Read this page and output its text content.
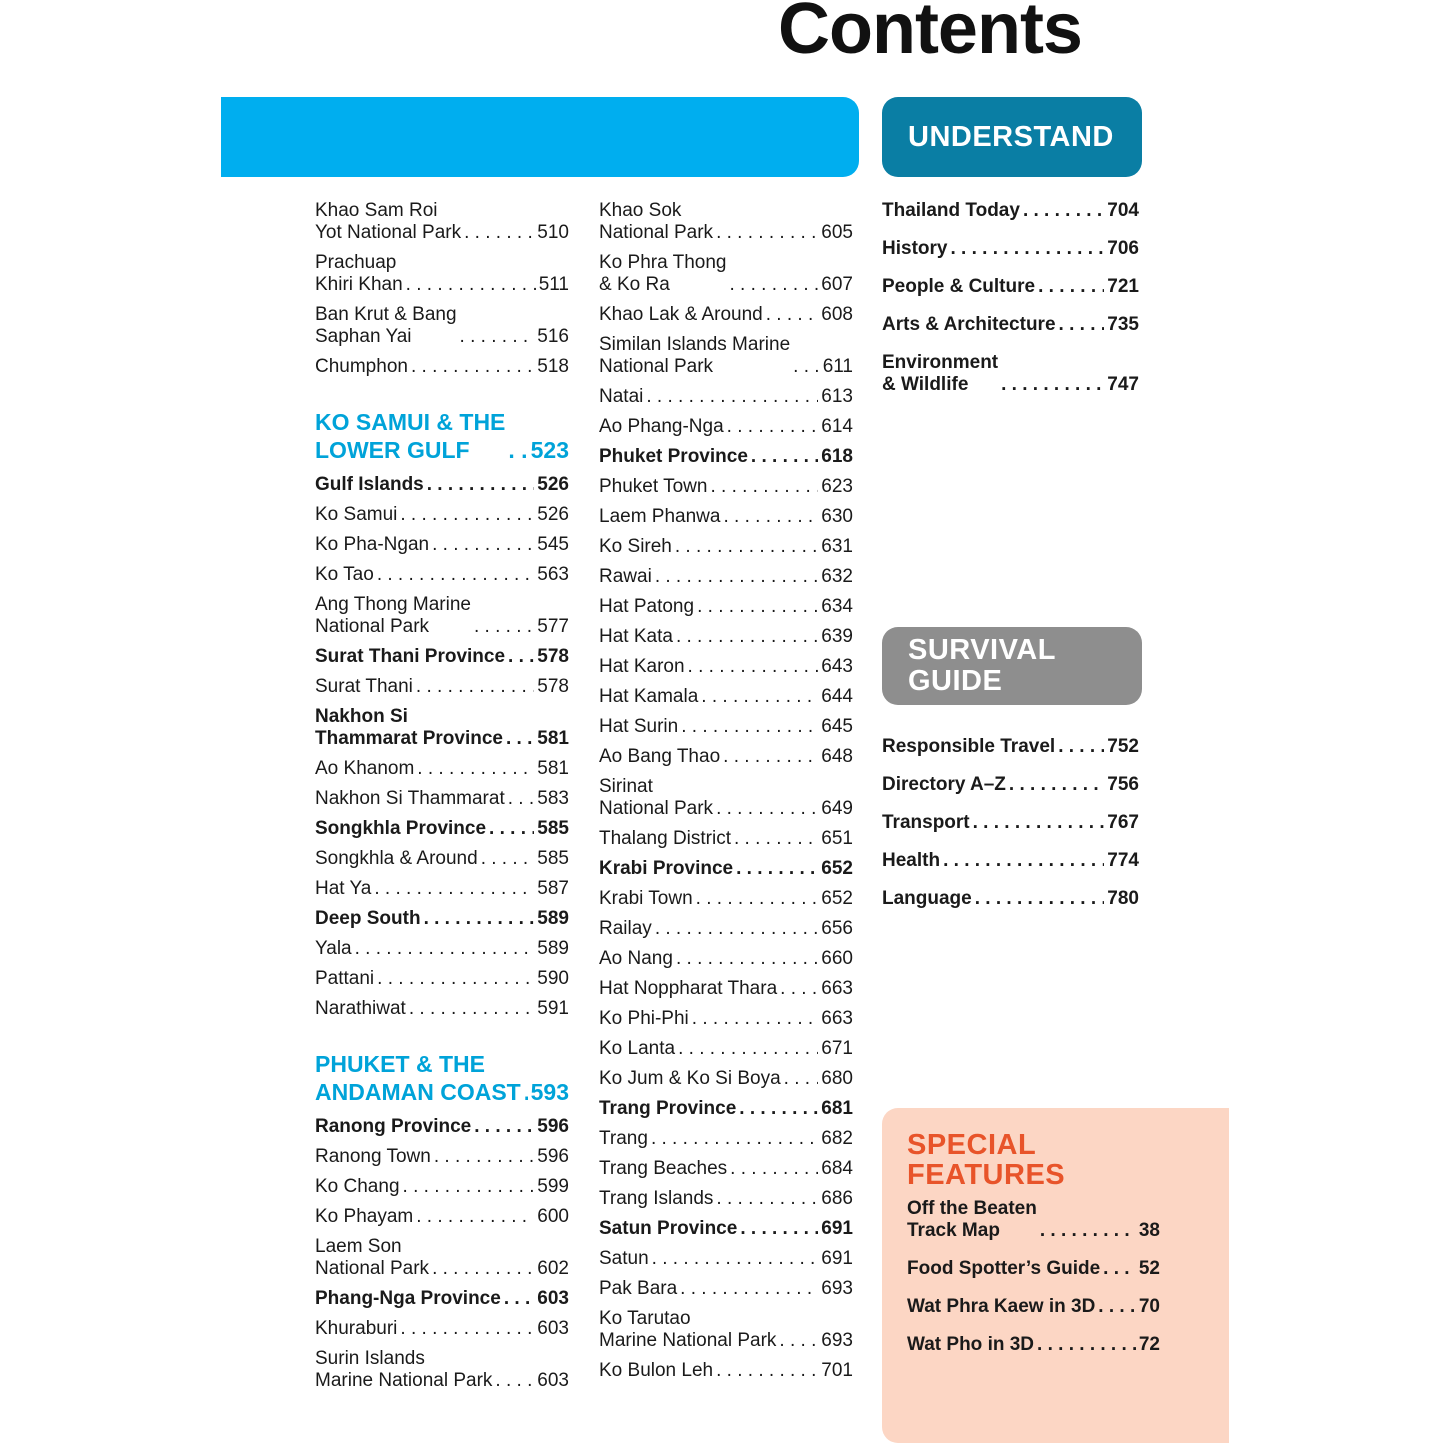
Contents
UNDERSTAND
SURVIVAL GUIDE
SPECIAL FEATURES
Off the Beaten
Track Map . . .	38
Food Spotter’s Guide . . . 52
Wat Phra Kaew in 3D . . . 70
Wat Pho in 3D . . .	72
Khao Sam Roi
Yot National Park . . .	510
Prachuap
Khiri Khan . . .	511
Ban Krut & Bang
Saphan Yai . . .	516
Chumphon . . .	518
KO SAMUI & THE
LOWER GULF . . .	523
Gulf Islands . . .	526
Ko Samui . . .	526
Ko Pha-Ngan . . .	545
Ko Tao . . .	563
Ang Thong Marine
National Park . . .	577
Surat Thani Province . . . 578
Surat Thani . . .	578
Nakhon Si
Thammarat Province . . . 581
Ao Khanom . . .	581
Nakhon Si Thammarat . . . 583
Songkhla Province . . .	585
Songkhla & Around . . .	585
Hat Ya . . .	587
Deep South . . .	589
Yala . . .	589
Pattani . . .	590
Narathiwat . . .	591
PHUKET & THE
ANDAMAN COAST . . . 593
Ranong Province . . .	596
Ranong Town . . .	596
Ko Chang . . .	599
Ko Phayam . . .	600
Laem Son
National Park . . .	602
Phang-Nga Province . . . 603
Khuraburi . . .	603
Surin Islands
Marine National Park . . . 603
Khao Sok
National Park . . .	605
Ko Phra Thong
& Ko Ra . . .	607
Khao Lak & Around . . .	608
Similan Islands Marine
National Park . . .	611
Natai . . .	613
Ao Phang-Nga . . .	614
Phuket Province . . .	618
Phuket Town . . .	623
Laem Phanwa . . .	630
Ko Sireh . . .	631
Rawai . . .	632
Hat Patong . . .	634
Hat Kata . . .	639
Hat Karon . . .	643
Hat Kamala . . .	644
Hat Surin . . .	645
Ao Bang Thao . . .	648
Sirinat
National Park . . .	649
Thalang District . . .	651
Krabi Province . . .	652
Krabi Town . . .	652
Railay . . .	656
Ao Nang . . .	660
Hat Noppharat Thara . . . 663
Ko Phi-Phi . . .	663
Ko Lanta . . .	671
Ko Jum & Ko Si Boya . . . 680
Trang Province . . .	681
Trang . . .	682
Trang Beaches . . .	684
Trang Islands . . .	686
Satun Province . . .	691
Satun . . .	691
Pak Bara . . .	693
Ko Tarutao
Marine National Park . . . 693
Ko Bulon Leh . . .	701
Thailand Today . . .	704
History . . .	706
People & Culture . . .	721
Arts & Architecture . . .	735
Environment
& Wildlife . . .	747
Responsible Travel . . .	752
Directory A–Z . . .	756
Transport . . .	767
Health . . .	774
Language . . .	780
